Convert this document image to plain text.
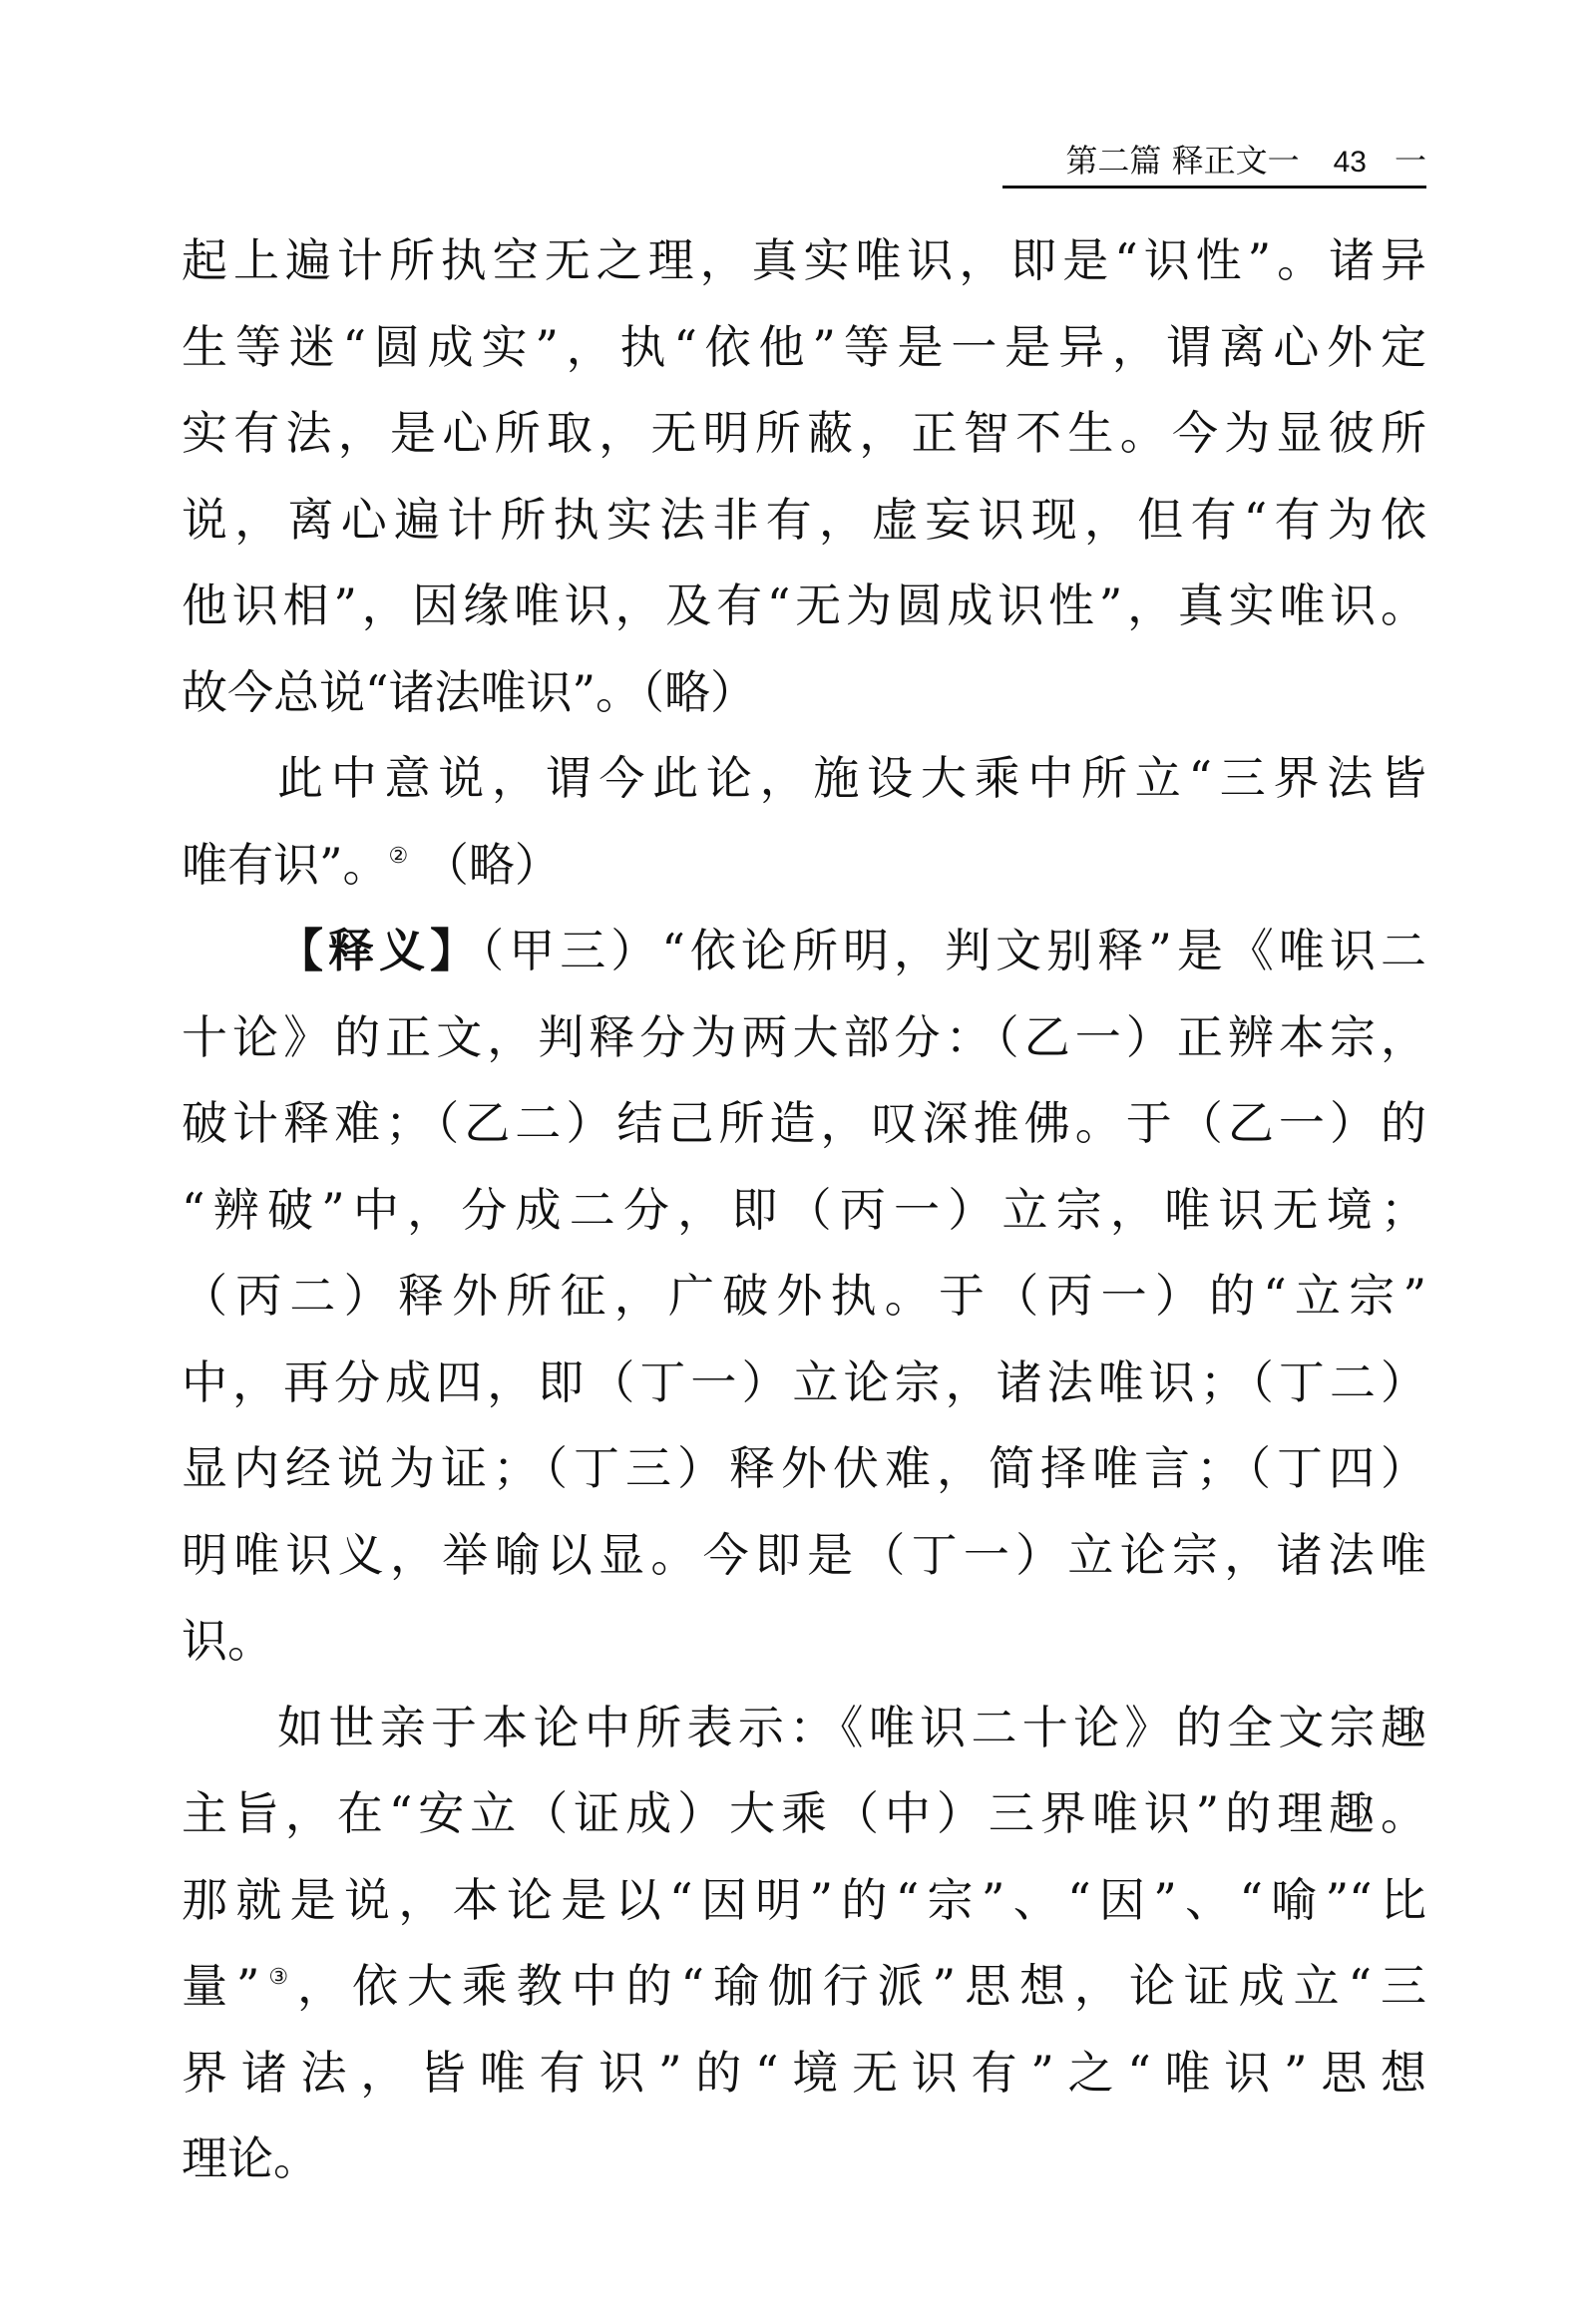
第二篇 释正文一 43 一
起上遍计所执空无之理，真实唯识，即是“识性”。诸异
生等迷“圆成实”，执“依他”等是一是异，谓离心外定
实有法，是心所取，无明所蔽，正智不生。今为显彼所
说，离心遍计所执实法非有，虚妄识现，但有“有为依
他识相”，因缘唯识，及有“无为圆成识性”，真实唯识。
故今总说“诸法唯识”。（略）
此中意说，谓今此论，施设大乘中所立“三界法皆
唯有识”。② （略）
【释义】（甲三）“依论所明，判文别释”是《唯识二
十论》的正文，判释分为两大部分：（乙一）正辨本宗，
破计释难；（乙二）结己所造，叹深推佛。于（乙一）的
“辨破”中，分成二分，即（丙一）立宗，唯识无境；
（丙二）释外所征，广破外执。于（丙一）的“立宗”
中，再分成四，即（丁一）立论宗，诸法唯识；（丁二）
显内经说为证；（丁三）释外伏难，简择唯言；（丁四）
明唯识义，举喻以显。今即是（丁一）立论宗，诸法唯
识。
如世亲于本论中所表示：《唯识二十论》的全文宗趣
主旨，在“安立（证成）大乘（中）三界唯识”的理趣。
那就是说，本论是以“因明”的“宗”、“因”、“喻”“比
量”③，依大乘教中的“瑜伽行派”思想，论证成立“三
界诸法，皆唯有识”的“境无识有”之“唯识”思想
理论。
